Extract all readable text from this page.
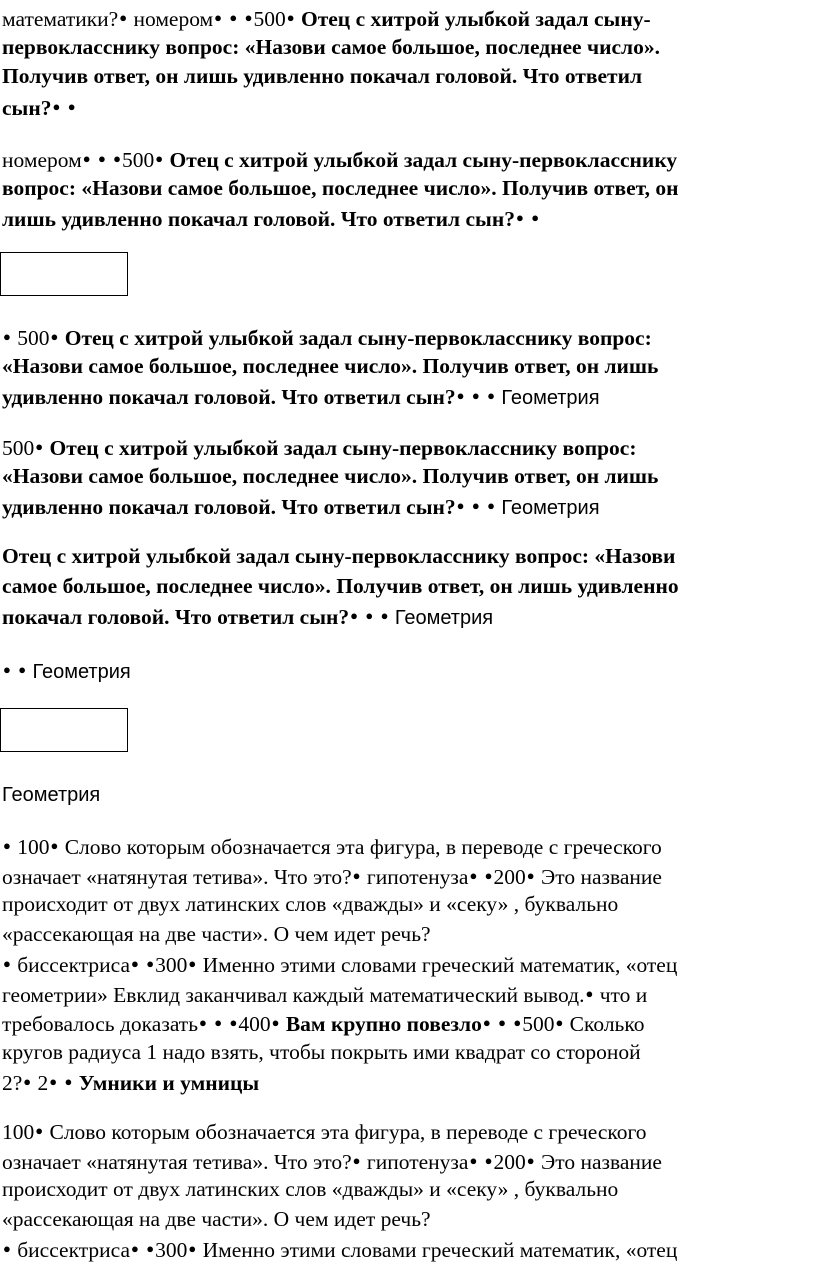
математики?● номером● ● ●500● Отец с хитрой улыбкой задал сыну-
первокласснику вопрос: «Назови самое большое, последнее число».
Получив ответ, он лишь удивленно покачал головой. Что ответил
сын?● ●
номером● ● ●500● Отец с хитрой улыбкой задал сыну-первокласснику
вопрос: «Назови самое большое, последнее число». Получив ответ, он
лишь удивленно покачал головой. Что ответил сын?● ●
● 500● Отец с хитрой улыбкой задал сыну-первокласснику вопрос:
«Назови самое большое, последнее число». Получив ответ, он лишь
удивленно покачал головой. Что ответил сын?● ● ● Геометрия
500● Отец с хитрой улыбкой задал сыну-первокласснику вопрос:
«Назови самое большое, последнее число». Получив ответ, он лишь
удивленно покачал головой. Что ответил сын?● ● ● Геометрия
Отец с хитрой улыбкой задал сыну-первокласснику вопрос: «Назови
самое большое, последнее число». Получив ответ, он лишь удивленно
покачал головой. Что ответил сын?● ● ● Геометрия
● ● Геометрия
Геометрия
● 100● Слово которым обозначается эта фигура, в переводе с греческого
означает «натянутая тетива». Что это?● гипотенуза● ●200● Это название
происходит от двух латинских слов «дважды» и «секу» , буквально
«рассекающая на две части». О чем идет речь?
● биссектриса● ●300● Именно этими словами греческий математик, «отец
геометрии» Евклид заканчивал каждый математический вывод.● что и
требовалось доказать● ● ●400● Вам крупно повезло● ● ●500● Сколько
кругов радиуса 1 надо взять, чтобы покрыть ими квадрат со стороной
2?● 2● ● Умники и умницы
100● Слово которым обозначается эта фигура, в переводе с греческого
означает «натянутая тетива». Что это?● гипотенуза● ●200● Это название
происходит от двух латинских слов «дважды» и «секу» , буквально
«рассекающая на две части». О чем идет речь?
● биссектриса● ●300● Именно этими словами греческий математик, «отец
